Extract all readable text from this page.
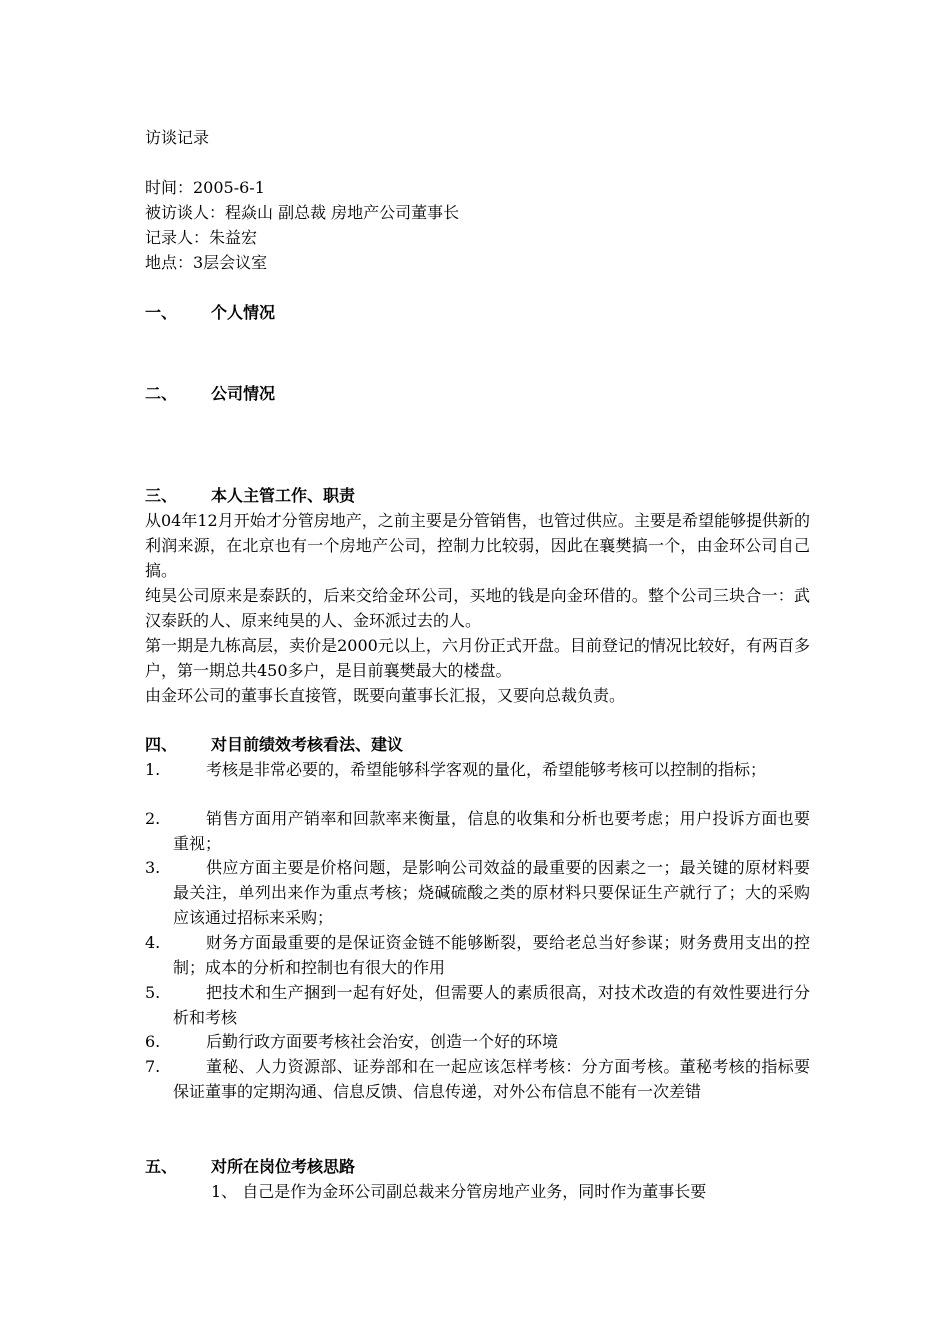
访谈记录
时间：2005-6-1
被访谈人：程焱山 副总裁 房地产公司董事长
记录人：朱益宏
地点：3层会议室
一、 个人情况
二、 公司情况
三、 本人主管工作、职责
从04年12月开始才分管房地产，之前主要是分管销售，也管过供应。主要是希望能够提供新的利润来源，在北京也有一个房地产公司，控制力比较弱，因此在襄樊搞一个，由金环公司自己搞。
纯昊公司原来是泰跃的，后来交给金环公司，买地的钱是向金环借的。整个公司三块合一：武汉泰跃的人、原来纯昊的人、金环派过去的人。
第一期是九栋高层，卖价是2000元以上，六月份正式开盘。目前登记的情况比较好，有两百多户，第一期总共450多户，是目前襄樊最大的楼盘。
由金环公司的董事长直接管，既要向董事长汇报，又要向总裁负责。
四、 对目前绩效考核看法、建议
1.	考核是非常必要的，希望能够科学客观的量化，希望能够考核可以控制的指标；
2.	销售方面用产销率和回款率来衡量，信息的收集和分析也要考虑；用户投诉方面也要重视；
3.	供应方面主要是价格问题，是影响公司效益的最重要的因素之一；最关键的原材料要最关注，单列出来作为重点考核；烧碱硫酸之类的原材料只要保证生产就行了；大的采购应该通过招标来采购；
4.	财务方面最重要的是保证资金链不能够断裂，要给老总当好参谋；财务费用支出的控制；成本的分析和控制也有很大的作用
5.	把技术和生产捆到一起有好处，但需要人的素质很高，对技术改造的有效性要进行分析和考核
6.	后勤行政方面要考核社会治安，创造一个好的环境
7.	董秘、人力资源部、证券部和在一起应该怎样考核：分方面考核。董秘考核的指标要保证董事的定期沟通、信息反馈、信息传递，对外公布信息不能有一次差错
五、 对所在岗位考核思路
1、 自己是作为金环公司副总裁来分管房地产业务，同时作为董事长要
